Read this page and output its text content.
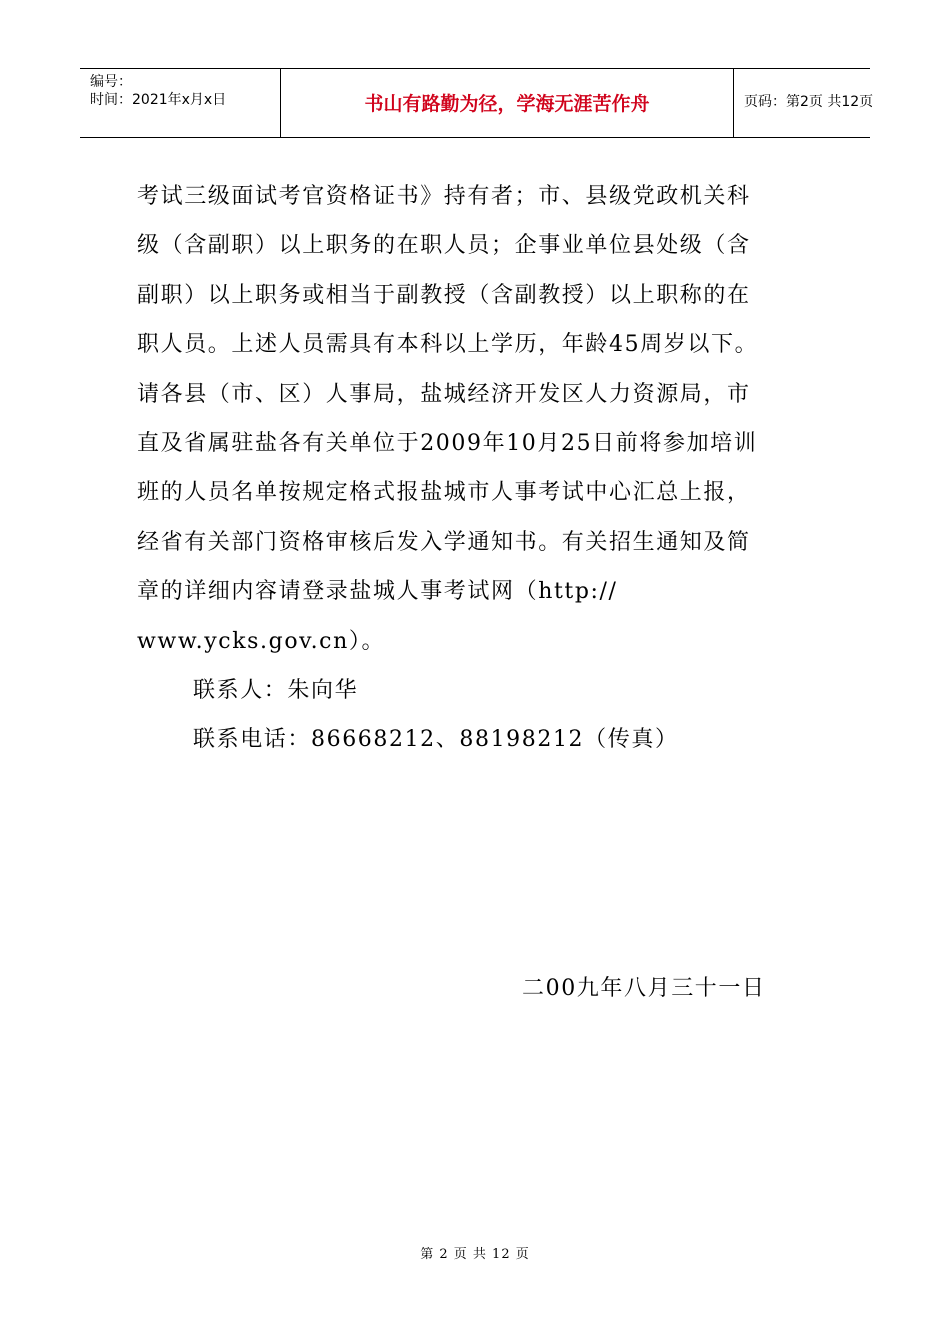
编号：
时间：2021年x月x日	书山有路勤为径，学海无涯苦作舟	页码：第2页 共12页
考试三级面试考官资格证书》持有者；市、县级党政机关科
级（含副职）以上职务的在职人员；企事业单位县处级（含
副职）以上职务或相当于副教授（含副教授）以上职称的在
职人员。上述人员需具有本科以上学历，年龄45周岁以下。
请各县（市、区）人事局，盐城经济开发区人力资源局，市
直及省属驻盐各有关单位于2009年10月25日前将参加培训
班的人员名单按规定格式报盐城市人事考试中心汇总上报，
经省有关部门资格审核后发入学通知书。有关招生通知及简
章的详细内容请登录盐城人事考试网（http://
www.ycks.gov.cn）。
联系人：朱向华
联系电话：86668212、88198212（传真）
二00九年八月三十一日
第 2 页 共 12 页
